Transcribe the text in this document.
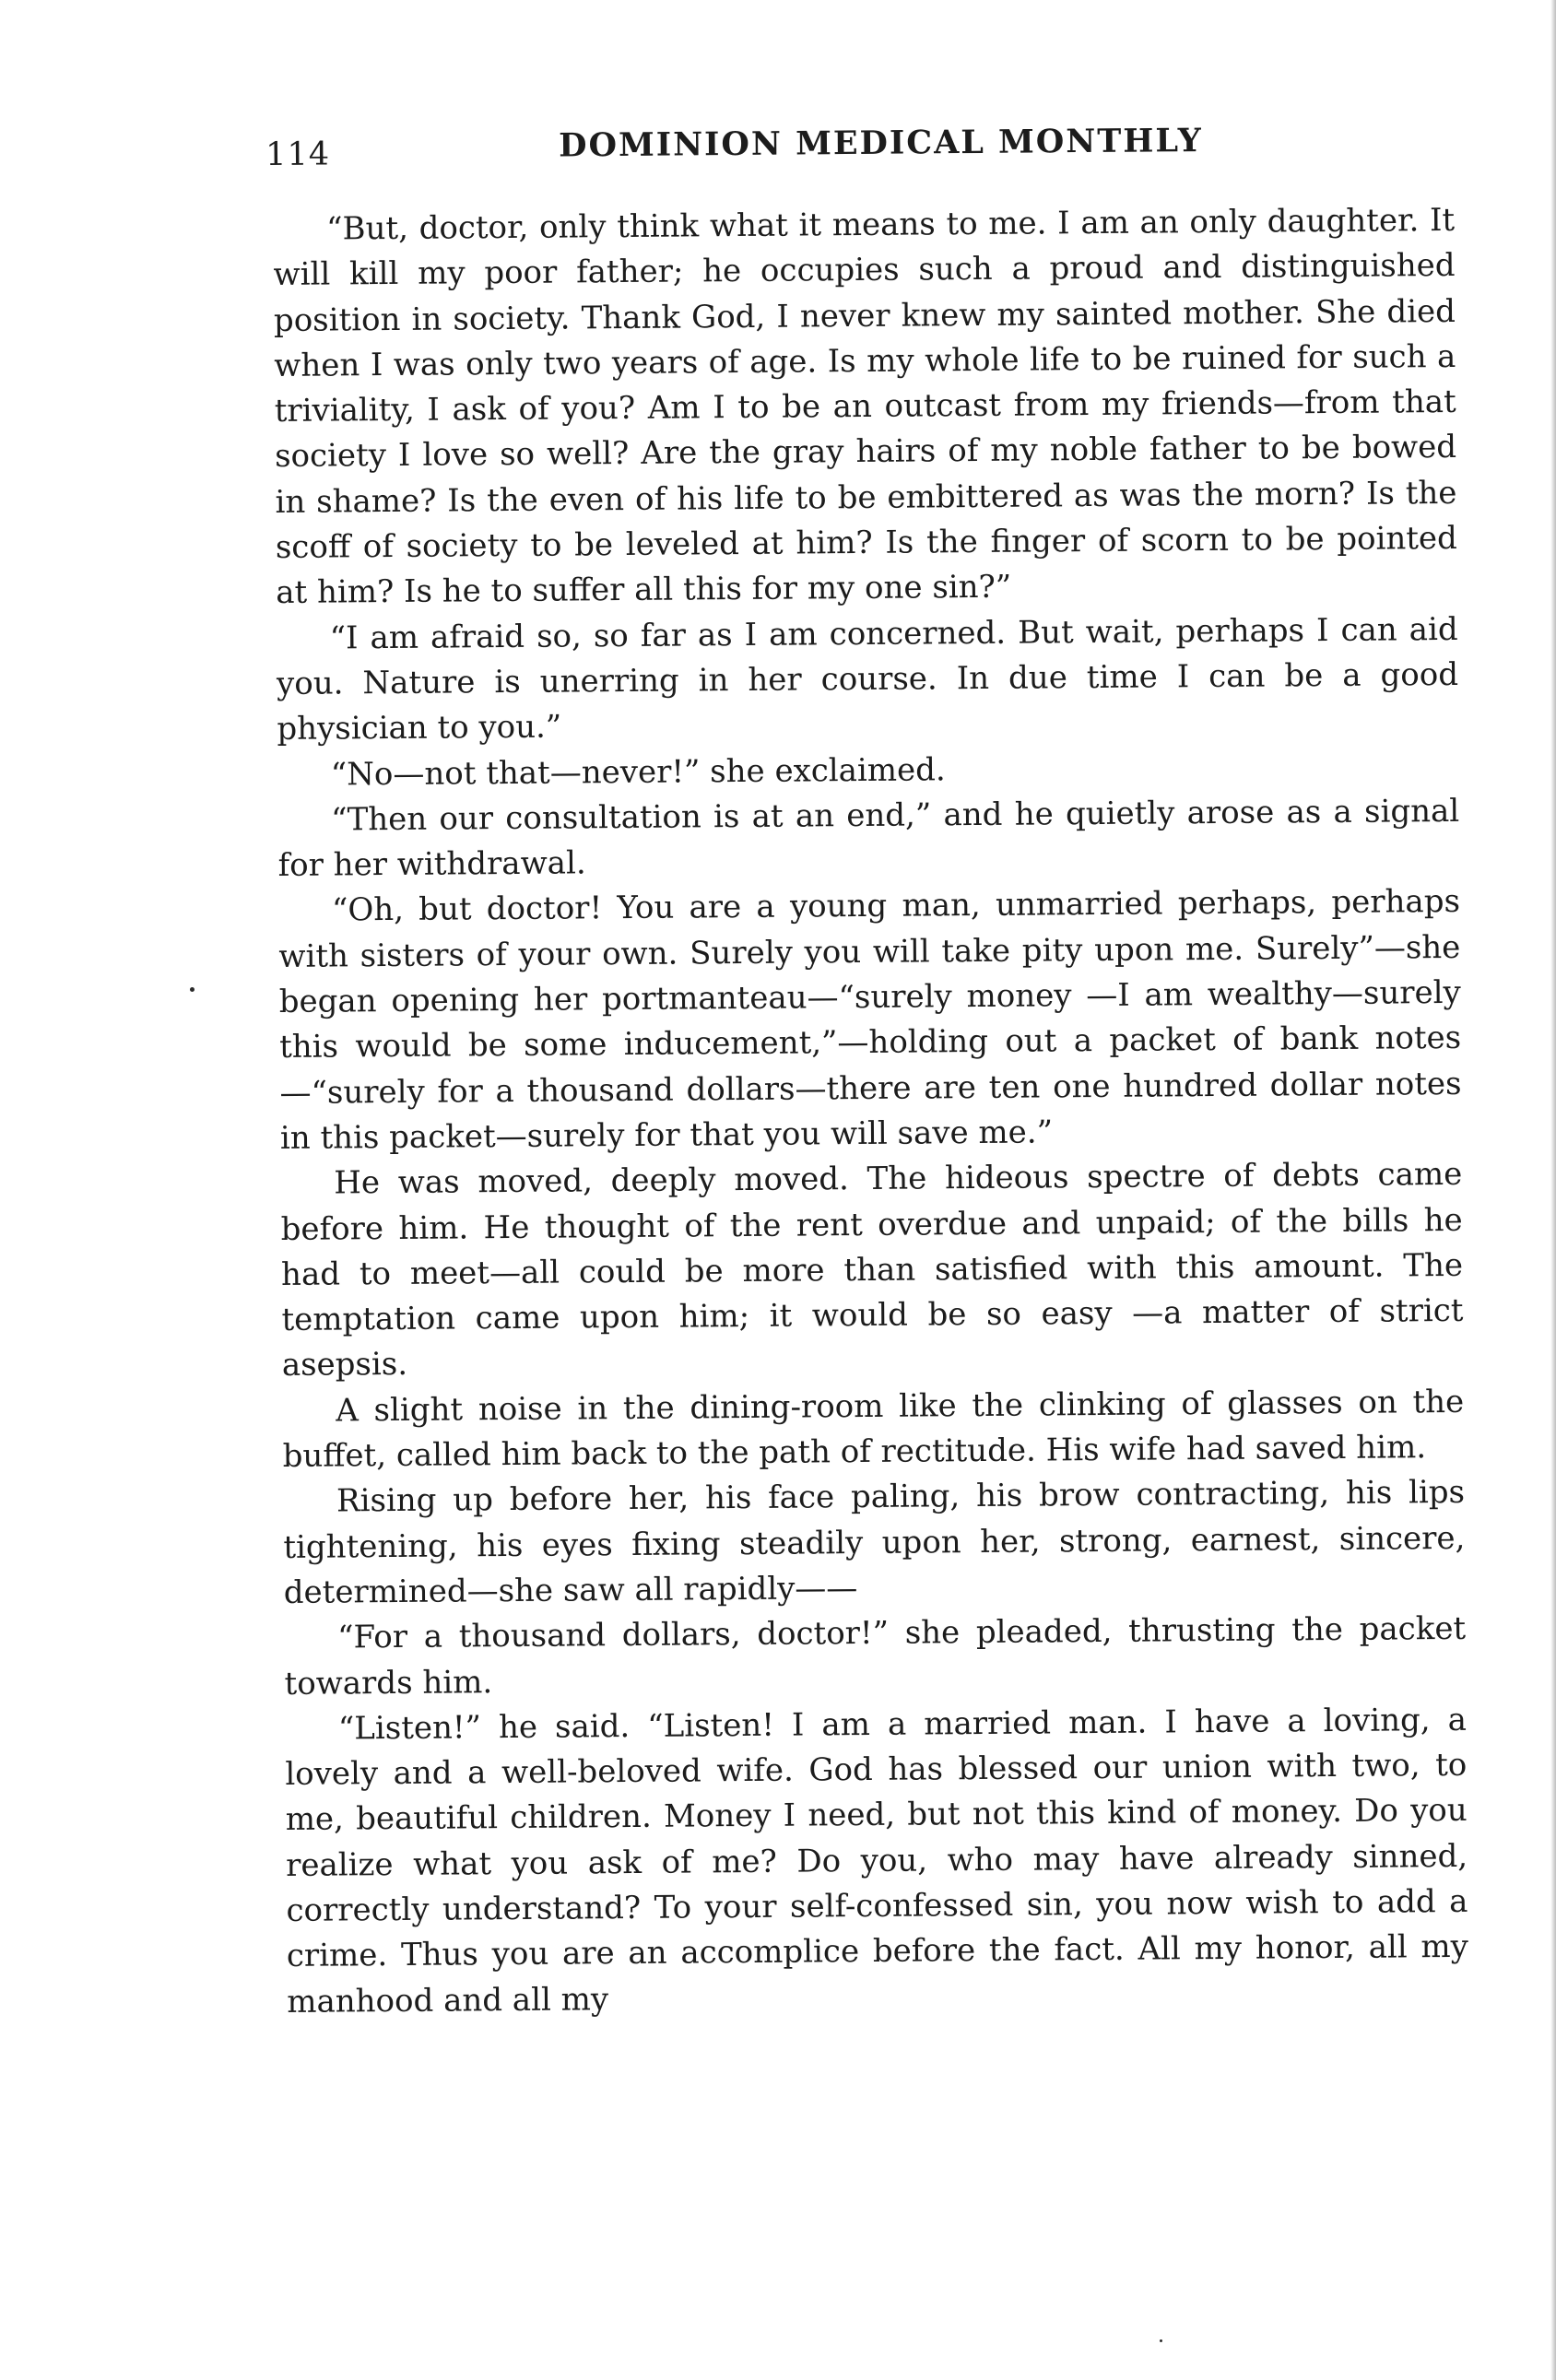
114	DOMINION MEDICAL MONTHLY

“But, doctor, only think what it means to me. I am an only daughter. It will kill my poor father; he occupies such a proud and distinguished position in society. Thank God, I never knew my sainted mother. She died when I was only two years of age. Is my whole life to be ruined for such a triviality, I ask of you? Am I to be an outcast from my friends—from that society I love so well? Are the gray hairs of my noble father to be bowed in shame? Is the even of his life to be embittered as was the morn? Is the scoff of society to be leveled at him? Is the finger of scorn to be pointed at him? Is he to suffer all this for my one sin?”

“I am afraid so, so far as I am concerned. But wait, perhaps I can aid you. Nature is unerring in her course. In due time I can be a good physician to you.”

“No—not that—never!” she exclaimed.

“Then our consultation is at an end,” and he quietly arose as a signal for her withdrawal.

“Oh, but doctor! You are a young man, unmarried perhaps, perhaps with sisters of your own. Surely you will take pity upon me. Surely”—she began opening her portmanteau—“surely money —I am wealthy—surely this would be some inducement,”—holding out a packet of bank notes—“surely for a thousand dollars—there are ten one hundred dollar notes in this packet—surely for that you will save me.”

He was moved, deeply moved. The hideous spectre of debts came before him. He thought of the rent overdue and unpaid; of the bills he had to meet—all could be more than satisfied with this amount. The temptation came upon him; it would be so easy —a matter of strict asepsis.

A slight noise in the dining-room like the clinking of glasses on the buffet, called him back to the path of rectitude. His wife had saved him.

Rising up before her, his face paling, his brow contracting, his lips tightening, his eyes fixing steadily upon her, strong, earnest, sincere, determined—she saw all rapidly——

“For a thousand dollars, doctor!” she pleaded, thrusting the packet towards him.

“Listen!” he said. “Listen! I am a married man. I have a loving, a lovely and a well-beloved wife. God has blessed our union with two, to me, beautiful children. Money I need, but not this kind of money. Do you realize what you ask of me? Do you, who may have already sinned, correctly understand? To your self-confessed sin, you now wish to add a crime. Thus you are an accomplice before the fact. All my honor, all my manhood and all my
